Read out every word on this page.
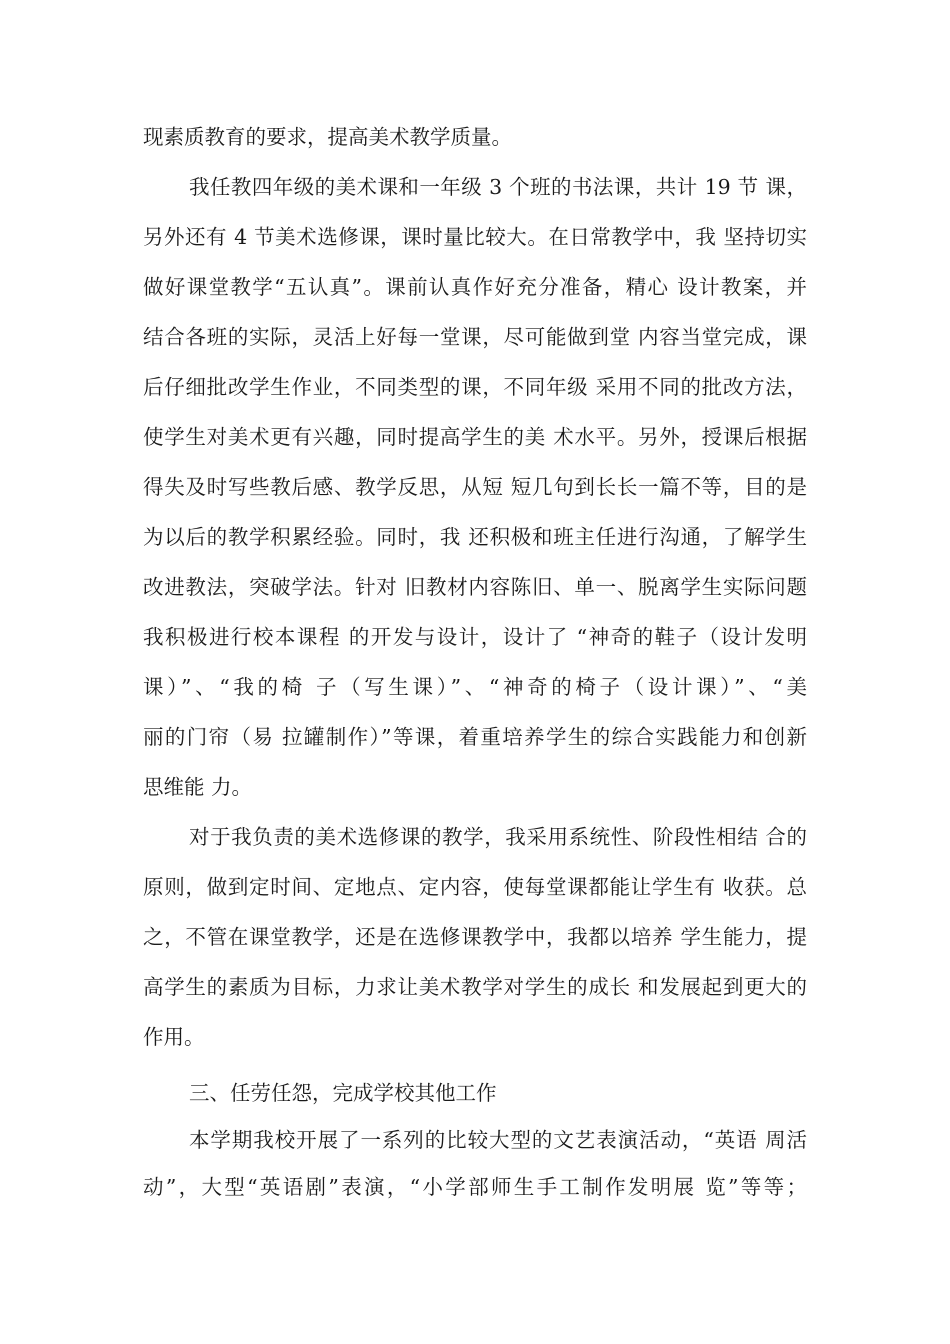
现素质教育的要求，提高美术教学质量。
我任教四年级的美术课和一年级 3 个班的书法课，共计 19 节 课，
另外还有 4 节美术选修课，课时量比较大。在日常教学中，我 坚持切实
做好课堂教学“五认真”。课前认真作好充分准备，精心 设计教案，并
结合各班的实际，灵活上好每一堂课，尽可能做到堂 内容当堂完成，课
后仔细批改学生作业，不同类型的课，不同年级 采用不同的批改方法，
使学生对美术更有兴趣，同时提高学生的美 术水平。另外，授课后根据
得失及时写些教后感、教学反思，从短 短几句到长长一篇不等，目的是
为以后的教学积累经验。同时，我 还积极和班主任进行沟通，了解学生
改进教法，突破学法。针对 旧教材内容陈旧、单一、脱离学生实际问题
我积极进行校本课程 的开发与设计，设计了 “神奇的鞋子（设计发明
课）”、“我的椅 子（写生课）”、“神奇的椅子（设计课）”、“美
丽的门帘（易 拉罐制作）”等课，着重培养学生的综合实践能力和创新
思维能 力。
对于我负责的美术选修课的教学，我采用系统性、阶段性相结 合的
原则，做到定时间、定地点、定内容，使每堂课都能让学生有 收获。总
之，不管在课堂教学，还是在选修课教学中，我都以培养 学生能力，提
高学生的素质为目标，力求让美术教学对学生的成长 和发展起到更大的
作用。
三、任劳任怨，完成学校其他工作
本学期我校开展了一系列的比较大型的文艺表演活动，“英语 周活
动”，大型“英语剧”表演，“小学部师生手工制作发明展 览”等等；
